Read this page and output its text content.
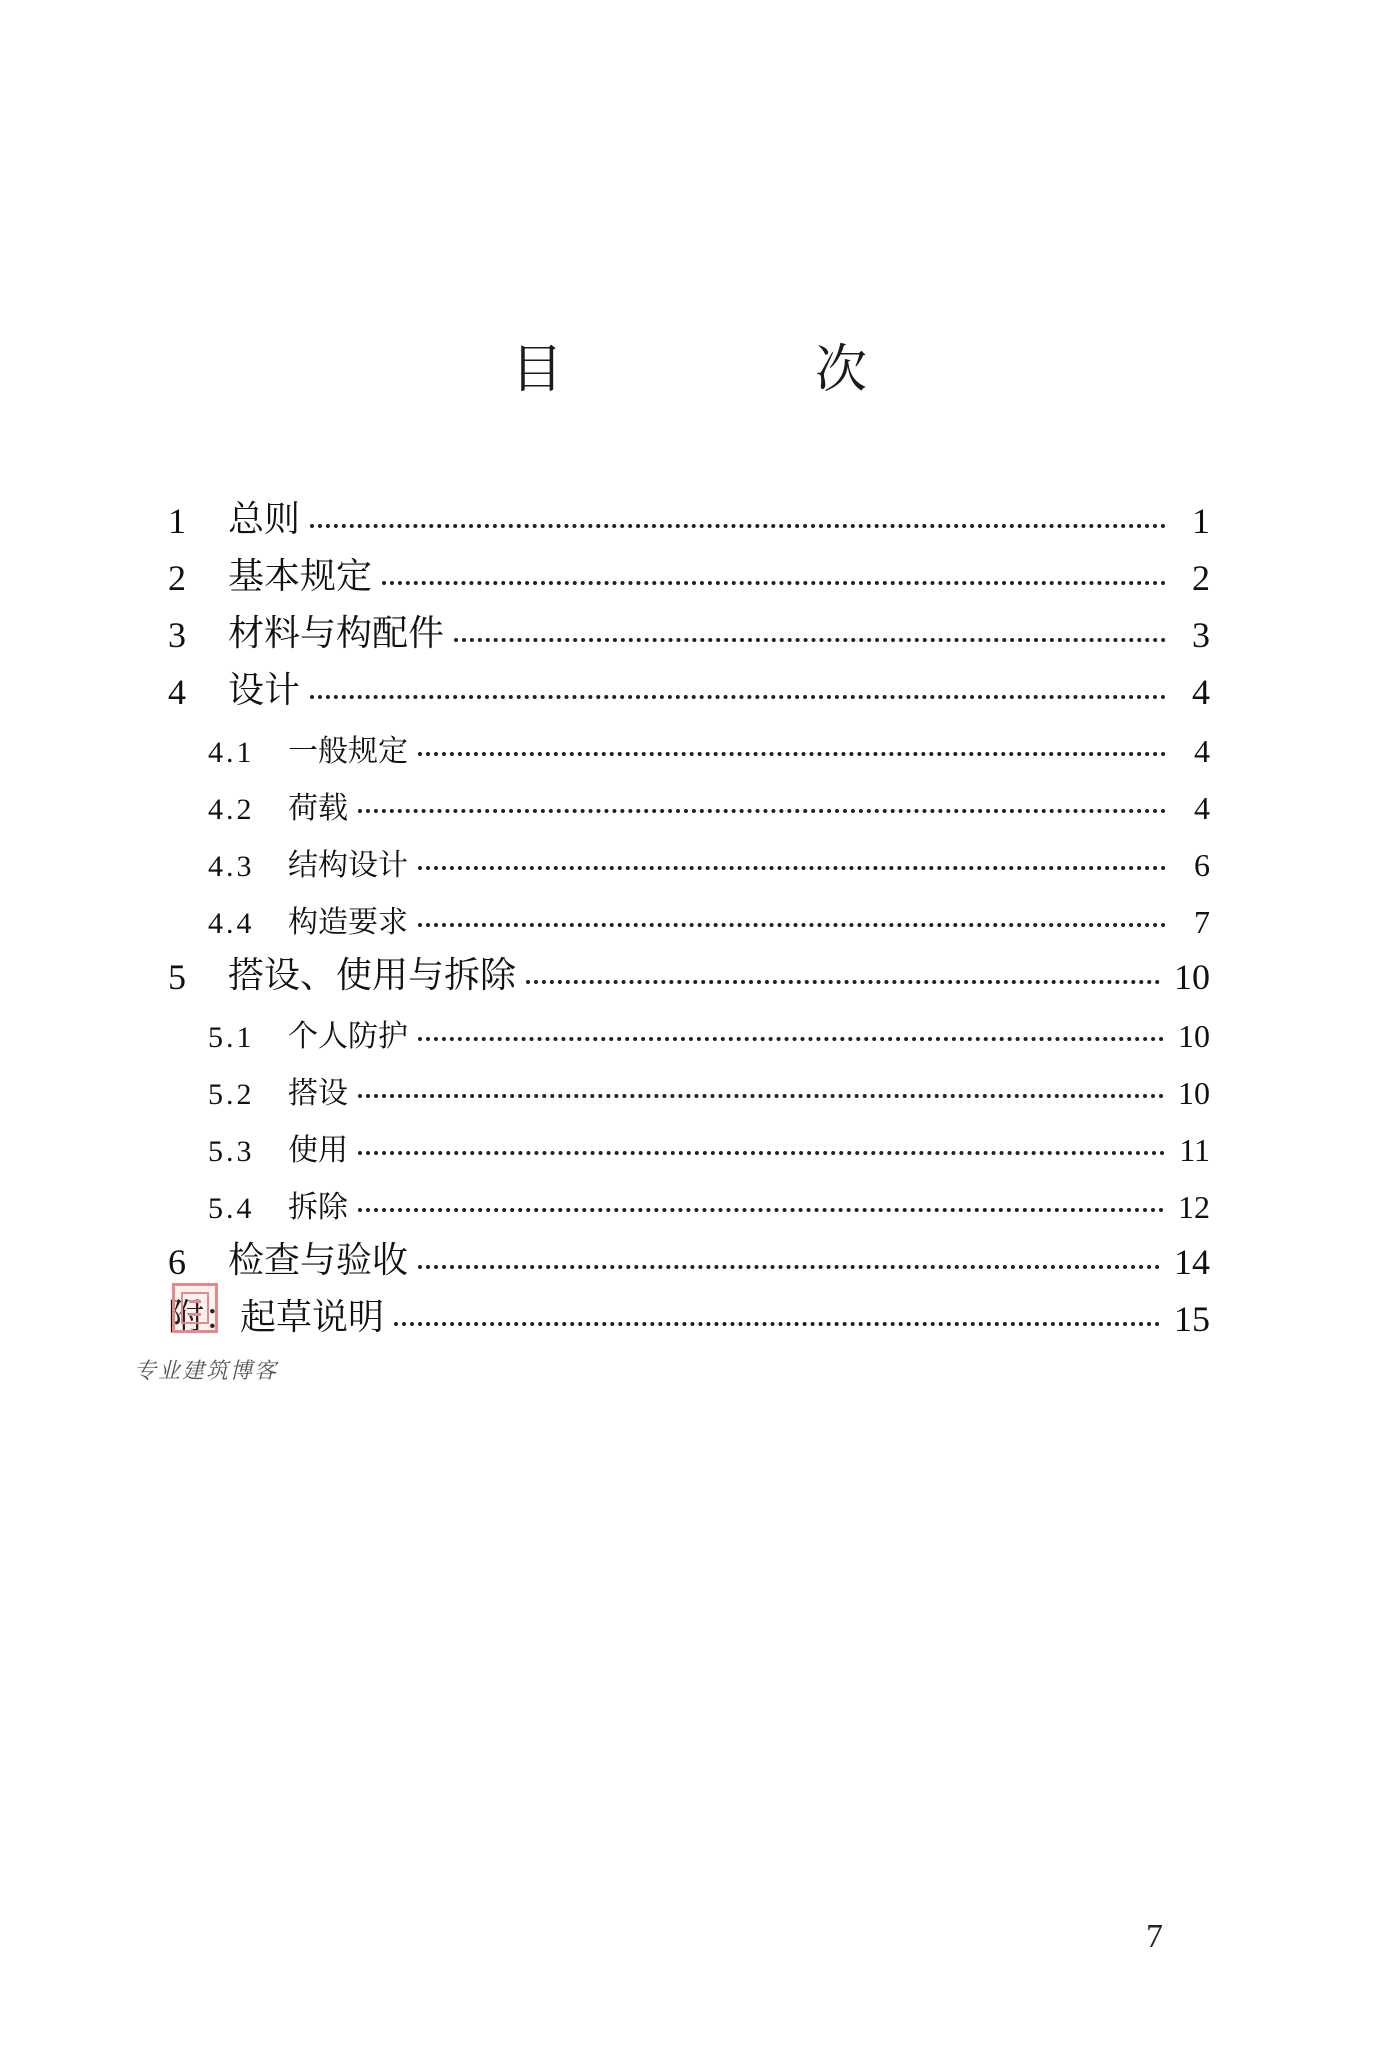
目　次
1	总则	1
2	基本规定	2
3	材料与构配件	3
4	设计	4
4.1	一般规定	4
4.2	荷载	4
4.3	结构设计	6
4.4	构造要求	7
5	搭设、使用与拆除	10
5.1	个人防护	10
5.2	搭设	10
5.3	使用	11
5.4	拆除	12
6	检查与验收	14
附：起草说明	15
专业建筑博客
7
